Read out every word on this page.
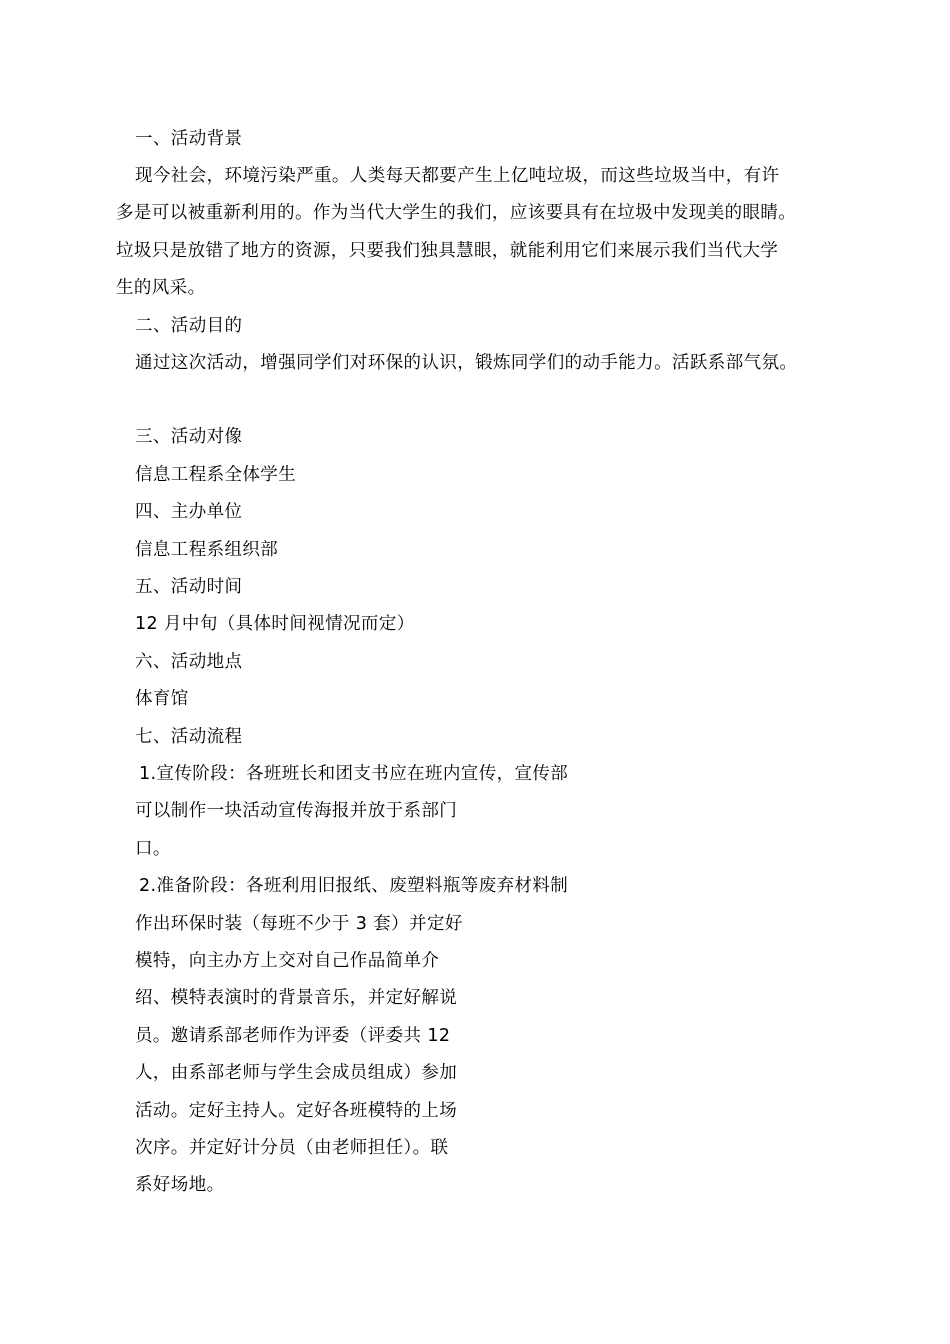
一、活动背景
现今社会，环境污染严重。人类每天都要产生上亿吨垃圾，而这些垃圾当中，有许
多是可以被重新利用的。作为当代大学生的我们，应该要具有在垃圾中发现美的眼睛。
垃圾只是放错了地方的资源，只要我们独具慧眼，就能利用它们来展示我们当代大学
生的风采。
二、活动目的
通过这次活动，增强同学们对环保的认识，锻炼同学们的动手能力。活跃系部气氛。
三、活动对像
信息工程系全体学生
四、主办单位
信息工程系组织部
五、活动时间
12 月中旬（具体时间视情况而定）
六、活动地点
体育馆
七、活动流程
1.宣传阶段：各班班长和团支书应在班内宣传，宣传部
可以制作一块活动宣传海报并放于系部门
口。
2.准备阶段：各班利用旧报纸、废塑料瓶等废弃材料制
作出环保时装（每班不少于 3 套）并定好
模特，向主办方上交对自己作品简单介
绍、模特表演时的背景音乐，并定好解说
员。邀请系部老师作为评委（评委共 12
人，由系部老师与学生会成员组成）参加
活动。定好主持人。定好各班模特的上场
次序。并定好计分员（由老师担任）。联
系好场地。
